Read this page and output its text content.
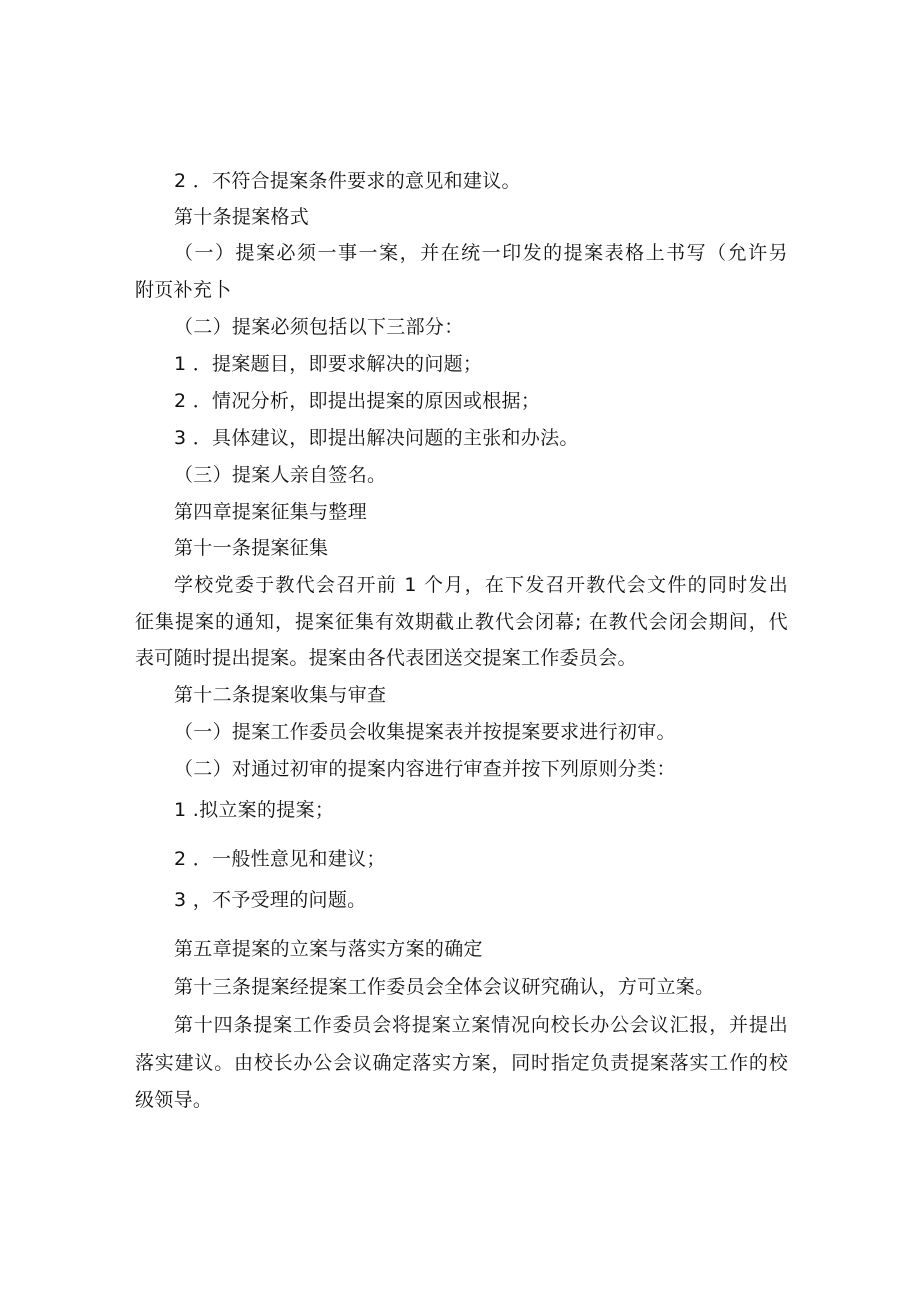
2 ．不符合提案条件要求的意见和建议。
第十条提案格式
（一）提案必须一事一案，并在统一印发的提案表格上书写（允许另
附页补充卜
（二）提案必须包括以下三部分：
1 ．提案题目，即要求解决的问题；
2 ．情况分析，即提出提案的原因或根据；
3 ．具体建议，即提出解决问题的主张和办法。
（三）提案人亲自签名。
第四章提案征集与整理
第十一条提案征集
学校党委于教代会召开前 1 个月，在下发召开教代会文件的同时发出
征集提案的通知，提案征集有效期截止教代会闭幕; 在教代会闭会期间，代
表可随时提出提案。提案由各代表团送交提案工作委员会。
第十二条提案收集与审查
（一）提案工作委员会收集提案表并按提案要求进行初审。
（二）对通过初审的提案内容进行审查并按下列原则分类：
1 .拟立案的提案；
2 ．一般性意见和建议；
3 ，不予受理的问题。
第五章提案的立案与落实方案的确定
第十三条提案经提案工作委员会全体会议研究确认，方可立案。
第十四条提案工作委员会将提案立案情况向校长办公会议汇报，并提出
落实建议。由校长办公会议确定落实方案，同时指定负责提案落实工作的校
级领导。
